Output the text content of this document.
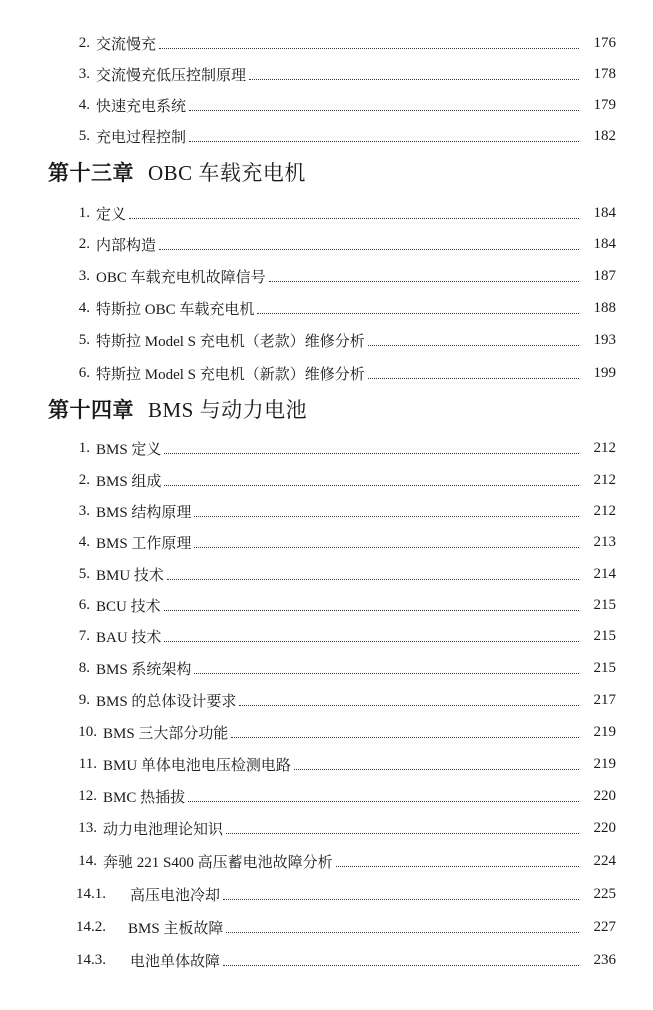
2. 交流慢充	176
3. 交流慢充低压控制原理	178
4. 快速充电系统	179
5. 充电过程控制	182
第十三章 OBC 车载充电机
1. 定义	184
2. 内部构造	184
3. OBC 车载充电机故障信号	187
4. 特斯拉 OBC 车载充电机	188
5. 特斯拉 Model S 充电机（老款）维修分析	193
6. 特斯拉 Model S 充电机（新款）维修分析	199
第十四章 BMS 与动力电池
1. BMS 定义	212
2. BMS 组成	212
3. BMS 结构原理	212
4. BMS 工作原理	213
5. BMU 技术	214
6. BCU 技术	215
7. BAU 技术	215
8. BMS 系统架构	215
9. BMS 的总体设计要求	217
10. BMS 三大部分功能	219
11. BMU 单体电池电压检测电路	219
12. BMC 热插拔	220
13. 动力电池理论知识	220
14. 奔驰 221 S400 高压蓄电池故障分析	224
14.1.	高压电池冷却	225
14.2.	BMS 主板故障	227
14.3.	电池单体故障	236
